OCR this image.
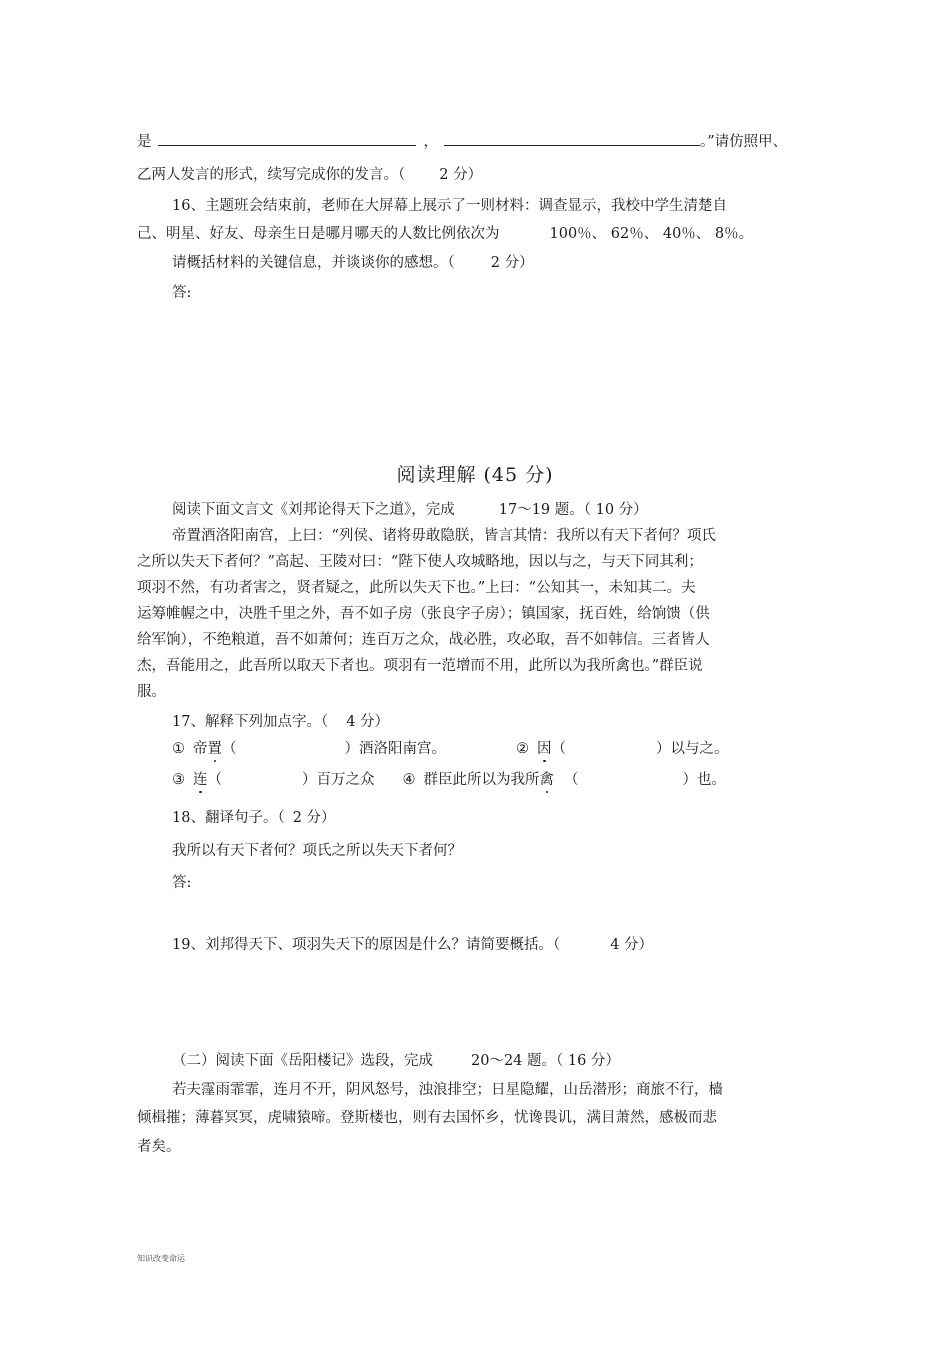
是	，	。”请仿照甲、
乙两人发言的形式，续写完成你的发言。（ 2 分）
16、主题班会结束前，老师在大屏幕上展示了一则材料：调查显示，我校中学生清楚自
己、明星、好友、母亲生日是哪月哪天的人数比例依次为	100％、 62％、 40％、 8％。
请概括材料的关键信息，并谈谈你的感想。（ 2 分）
答:
阅读理解 (45 分)
阅读下面文言文《刘邦论得天下之道》，完成	17～19 题。（ 10 分）
帝置酒洛阳南宫，上曰：“列侯、诸将毋敢隐朕，皆言其情：我所以有天下者何？项氏
之所以失天下者何？”高起、王陵对曰：“陛下使人攻城略地，因以与之，与天下同其利；
项羽不然，有功者害之，贤者疑之，此所以失天下也。”上曰：“公知其一，未知其二。夫
运筹帷幄之中，决胜千里之外，吾不如子房（张良字子房）；镇国家，抚百姓，给饷馈（供
给军饷），不绝粮道，吾不如萧何；连百万之众，战必胜，攻必取，吾不如韩信。三者皆人
杰，吾能用之，此吾所以取天下者也。项羽有一范增而不用，此所以为我所禽也。”群臣说
服。
17、解释下列加点字。（ 4 分）
① 帝置（	）酒洛阳南宫。	② 因（	）以与之。
③ 连（	）百万之众 ④ 群臣此所以为我所禽 （	）也。
18、翻译句子。（ 2 分）
我所以有天下者何？项氏之所以失天下者何？
答:
19、刘邦得天下、项羽失天下的原因是什么？请简要概括。（	4 分）
（二）阅读下面《岳阳楼记》选段，完成	20～24 题。（ 16 分）
若夫霪雨霏霏，连月不开，阴风怒号，浊浪排空；日星隐耀，山岳潜形；商旅不行，樯
倾楫摧；薄暮冥冥，虎啸猿啼。登斯楼也，则有去国怀乡，忧谗畏讥，满目萧然，感极而悲
者矣。
知识改变命运
